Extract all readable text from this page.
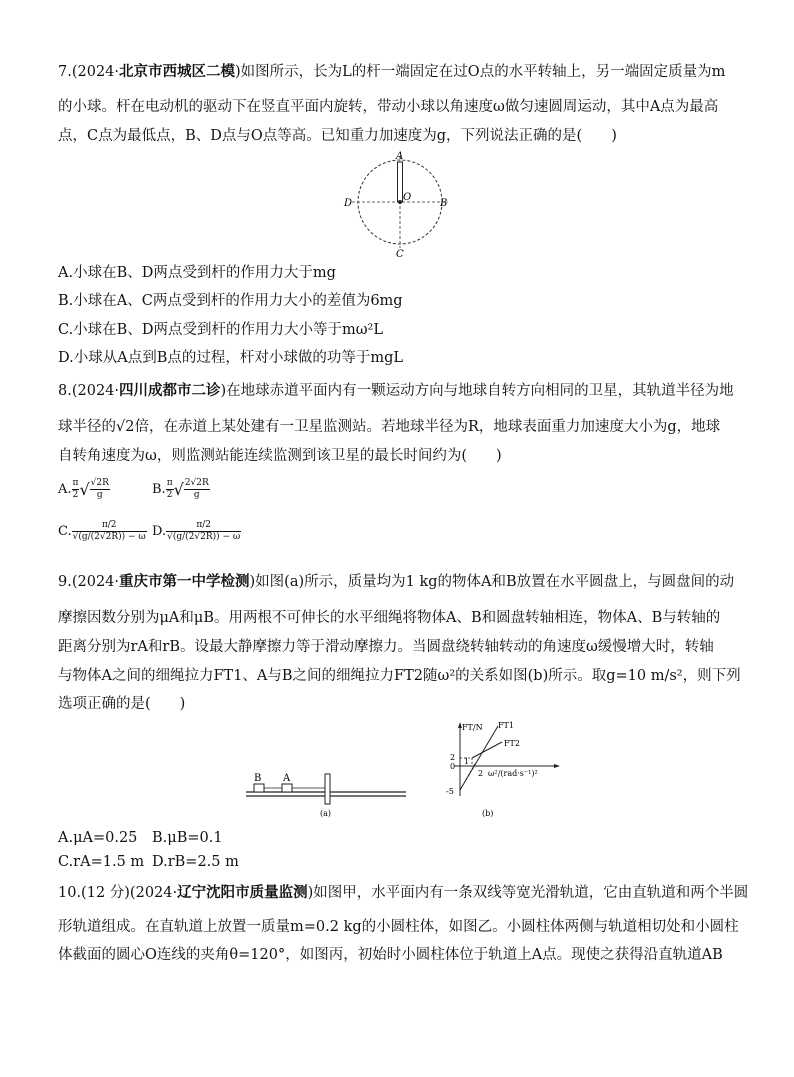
7.(2024·北京市西城区二模)如图所示，长为L的杆一端固定在过O点的水平转轴上，另一端固定质量为m
的小球。杆在电动机的驱动下在竖直平面内旋转，带动小球以角速度ω做匀速圆周运动，其中A点为最高
点，C点为最低点，B、D点与O点等高。已知重力加速度为g，下列说法正确的是(　　)
A
B
C
D
O
A.小球在B、D两点受到杆的作用力大于mg
B.小球在A、C两点受到杆的作用力大小的差值为6mg
C.小球在B、D两点受到杆的作用力大小等于mω²L
D.小球从A点到B点的过程，杆对小球做的功等于mgL
8.(2024·四川成都市二诊)在地球赤道平面内有一颗运动方向与地球自转方向相同的卫星，其轨道半径为地
球半径的√2倍，在赤道上某处建有一卫星监测站。若地球半径为R，地球表面重力加速度大小为g，地球
自转角速度为ω，则监测站能连续监测到该卫星的最长时间约为(　　)
A. $\frac{\pi}{2}$ √ $\frac{√2R}{g}$	B. $\frac{\pi}{2}$ √ $\frac{2√2R}{g}$
C. $\frac{\pi/2}{√(g/(2√2R)) - \omega} D$. $\frac{\pi/2}{√(g/(2√2R)) - \omega}$
9.(2024·重庆市第一中学检测)如图(a)所示，质量均为1 kg的物体A和B放置在水平圆盘上，与圆盘间的动
摩擦因数分别为μA和μB。用两根不可伸长的水平细绳将物体A、B和圆盘转轴相连，物体A、B与转轴的
距离分别为rA和rB。设最大静摩擦力等于滑动摩擦力。当圆盘绕转轴转动的角速度ω缓慢增大时，转轴
与物体A之间的细绳拉力FT1、A与B之间的细绳拉力FT2随ω²的关系如图(b)所示。取g=10 m/s²，则下列
选项正确的是(　　)
B A
(a)
FT/N FT1
FT2
2
0
-5
1
2 ω²/(rad·s⁻¹)²
(b)
A.μA=0.25 B.μB=0.1
C.rA=1.5 m D.rB=2.5 m
10.(12 分)(2024·辽宁沈阳市质量监测)如图甲，水平面内有一条双线等宽光滑轨道，它由直轨道和两个半圆
形轨道组成。在直轨道上放置一质量m=0.2 kg的小圆柱体，如图乙。小圆柱体两侧与轨道相切处和小圆柱
体截面的圆心O连线的夹角θ=120°，如图丙，初始时小圆柱体位于轨道上A点。现使之获得沿直轨道AB
